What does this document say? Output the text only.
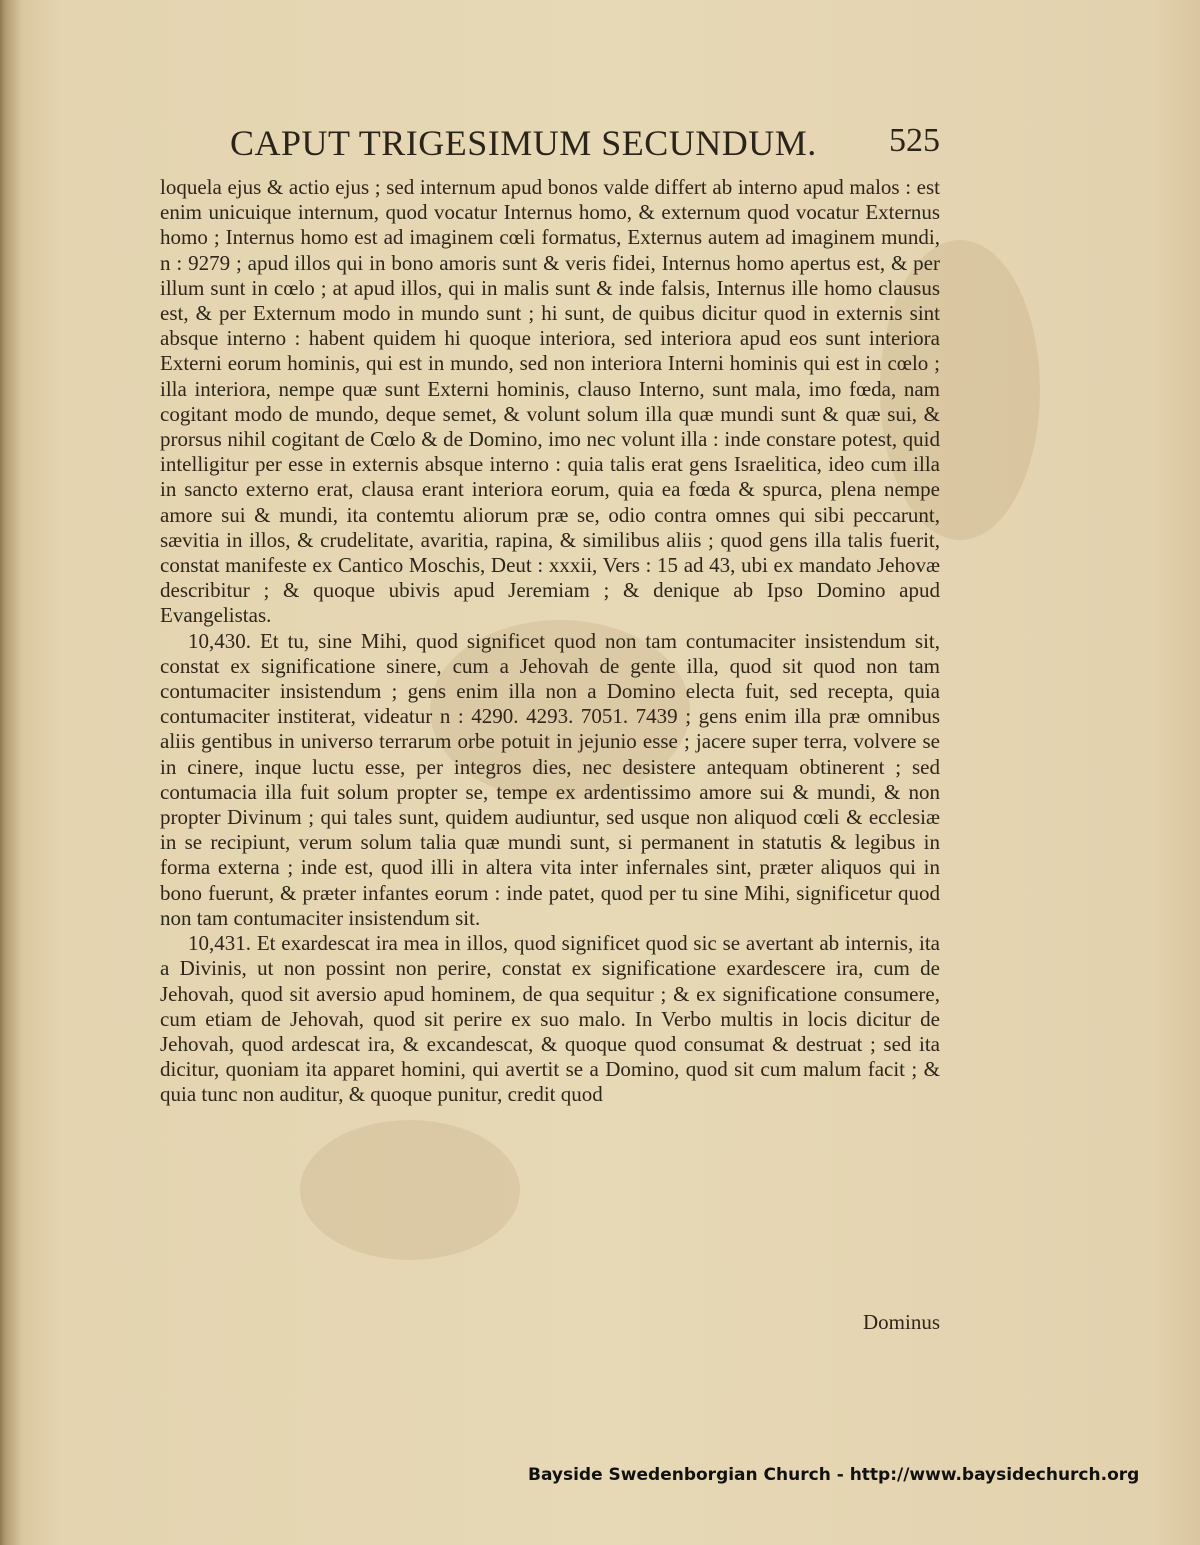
CAPUT TRIGESIMUM SECUNDUM. 525

loquela ejus & actio ejus ; sed internum apud bonos valde differt ab interno apud malos : est enim unicuique internum, quod vocatur Internus homo, & externum quod vocatur Externus homo ; Internus homo est ad imaginem cœli formatus, Externus autem ad imaginem mundi, n : 9279 ; apud illos qui in bono amoris sunt & veris fidei, Internus homo apertus est, & per illum sunt in cœlo ; at apud illos, qui in malis sunt & inde falsis, Internus ille homo clausus est, & per Externum modo in mundo sunt ; hi sunt, de quibus dicitur quod in externis sint absque interno : habent quidem hi quoque interiora, sed interiora apud eos sunt interiora Externi eorum hominis, qui est in mundo, sed non interiora Interni hominis qui est in cœlo ; illa interiora, nempe quæ sunt Externi hominis, clauso Interno, sunt mala, imo fœda, nam cogitant modo de mundo, deque semet, & volunt solum illa quæ mundi sunt & quæ sui, & prorsus nihil cogitant de Cœlo & de Domino, imo nec volunt illa : inde constare potest, quid intelligitur per esse in externis absque interno : quia talis erat gens Israelitica, ideo cum illa in sancto externo erat, clausa erant interiora eorum, quia ea fœda & spurca, plena nempe amore sui & mundi, ita contemtu aliorum præ se, odio contra omnes qui sibi peccarunt, sævitia in illos, & crudelitate, avaritia, rapina, & similibus aliis ; quod gens illa talis fuerit, constat manifeste ex Cantico Moschis, Deut : xxxii, Vers : 15 ad 43, ubi ex mandato Jehovæ describitur ; & quoque ubivis apud Jeremiam ; & denique ab Ipso Domino apud Evangelistas.

10,430. Et tu, sine Mihi, quod significet quod non tam contumaciter insistendum sit, constat ex significatione sinere, cum a Jehovah de gente illa, quod sit quod non tam contumaciter insistendum ; gens enim illa non a Domino electa fuit, sed recepta, quia contumaciter institerat, videatur n : 4290. 4293. 7051. 7439 ; gens enim illa præ omnibus aliis gentibus in universo terrarum orbe potuit in jejunio esse ; jacere super terra, volvere se in cinere, inque luctu esse, per integros dies, nec desistere antequam obtinerent ; sed contumacia illa fuit solum propter se, tempe ex ardentissimo amore sui & mundi, & non propter Divinum ; qui tales sunt, quidem audiuntur, sed usque non aliquod cœli & ecclesiæ in se recipiunt, verum solum talia quæ mundi sunt, si permanent in statutis & legibus in forma externa ; inde est, quod illi in altera vita inter infernales sint, præter aliquos qui in bono fuerunt, & præter infantes eorum : inde patet, quod per tu sine Mihi, significetur quod non tam contumaciter insistendum sit.

10,431. Et exardescat ira mea in illos, quod significet quod sic se avertant ab internis, ita a Divinis, ut non possint non perire, constat ex significatione exardescere ira, cum de Jehovah, quod sit aversio apud hominem, de qua sequitur ; & ex significatione consumere, cum etiam de Jehovah, quod sit perire ex suo malo. In Verbo multis in locis dicitur de Jehovah, quod ardescat ira, & excandescat, & quoque quod consumat & destruat ; sed ita dicitur, quoniam ita apparet homini, qui avertit se a Domino, quod sit cum malum facit ; & quia tunc non auditur, & quoque punitur, credit quod

Dominus
Bayside Swedenborgian Church - http://www.baysidechurch.org
